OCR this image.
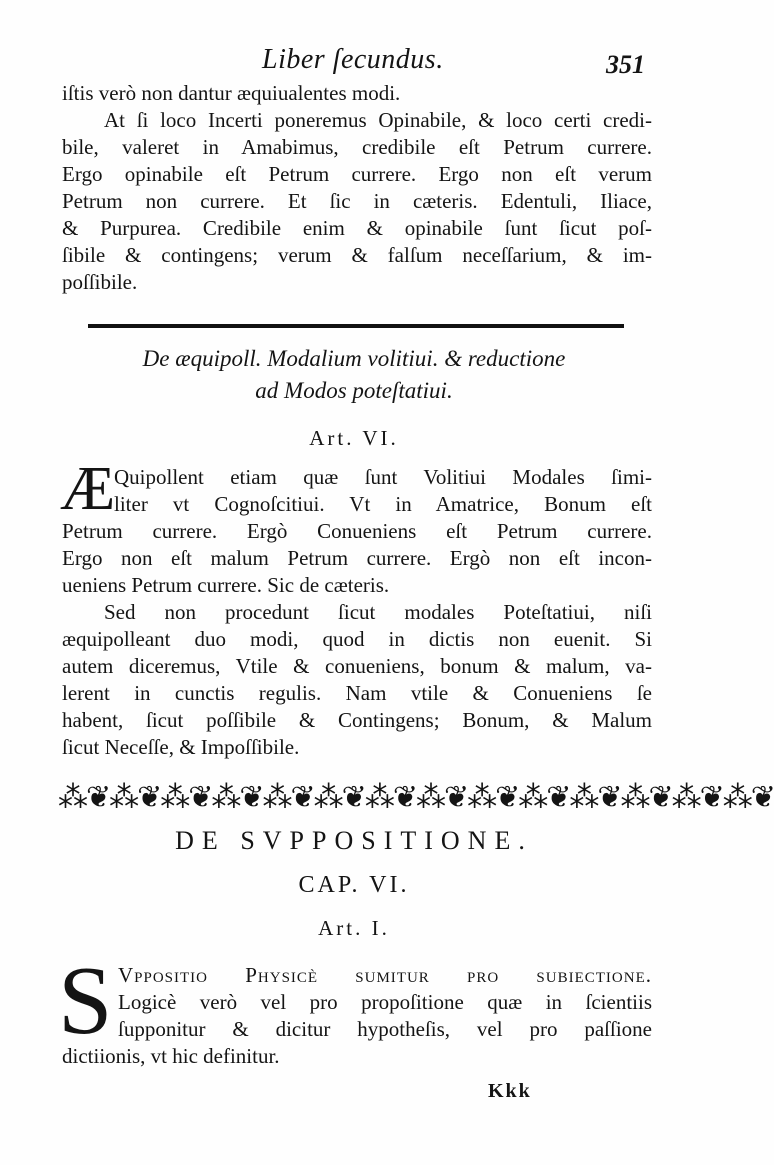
Liber ſecundus.	351
iſtis verò non dantur æquiualentes modi.
At ſi loco Incerti poneremus Opinabile, & loco certi credi-
bile, valeret in Amabimus, credibile eſt Petrum currere.
Ergo opinabile eſt Petrum currere. Ergo non eſt verum
Petrum non currere. Et ſic in cæteris. Edentuli, Iliace,
& Purpurea. Credibile enim & opinabile ſunt ſicut poſ-
ſibile & contingens; verum & falſum neceſſarium, & im-
poſſibile.
De æquipoll. Modalium volitiui. & reductione
ad Modos poteſtatiui.
Art. VI.
Æ
Quipollent etiam quæ ſunt Volitiui Modales ſimi-
liter vt Cognoſcitiui. Vt in Amatrice, Bonum eſt
Petrum currere. Ergò Conueniens eſt Petrum currere.
Ergo non eſt malum Petrum currere. Ergò non eſt incon-
ueniens Petrum currere. Sic de cæteris.
Sed non procedunt ſicut modales Poteſtatiui, niſi
æquipolleant duo modi, quod in dictis non euenit. Si
autem diceremus, Vtile & conueniens, bonum & malum, va-
lerent in cunctis regulis. Nam vtile & Conueniens ſe
habent, ſicut poſſibile & Contingens; Bonum, & Malum
ſicut Neceſſe, & Impoſſibile.
⁂❦⁂❦⁂❦⁂❦⁂❦⁂❦⁂❦⁂❦⁂❦⁂❦⁂❦⁂❦⁂❦⁂❦
DE SVPPOSITIONE.
CAP. VI.
Art. I.
S Vppositio Phyſicè ſumitur pro ſubiectione.
Logicè verò vel pro propoſitione quæ in ſcientiis
ſupponitur & dicitur hypotheſis, vel pro paſſione
dictiionis, vt hic definitur.
Kkk
